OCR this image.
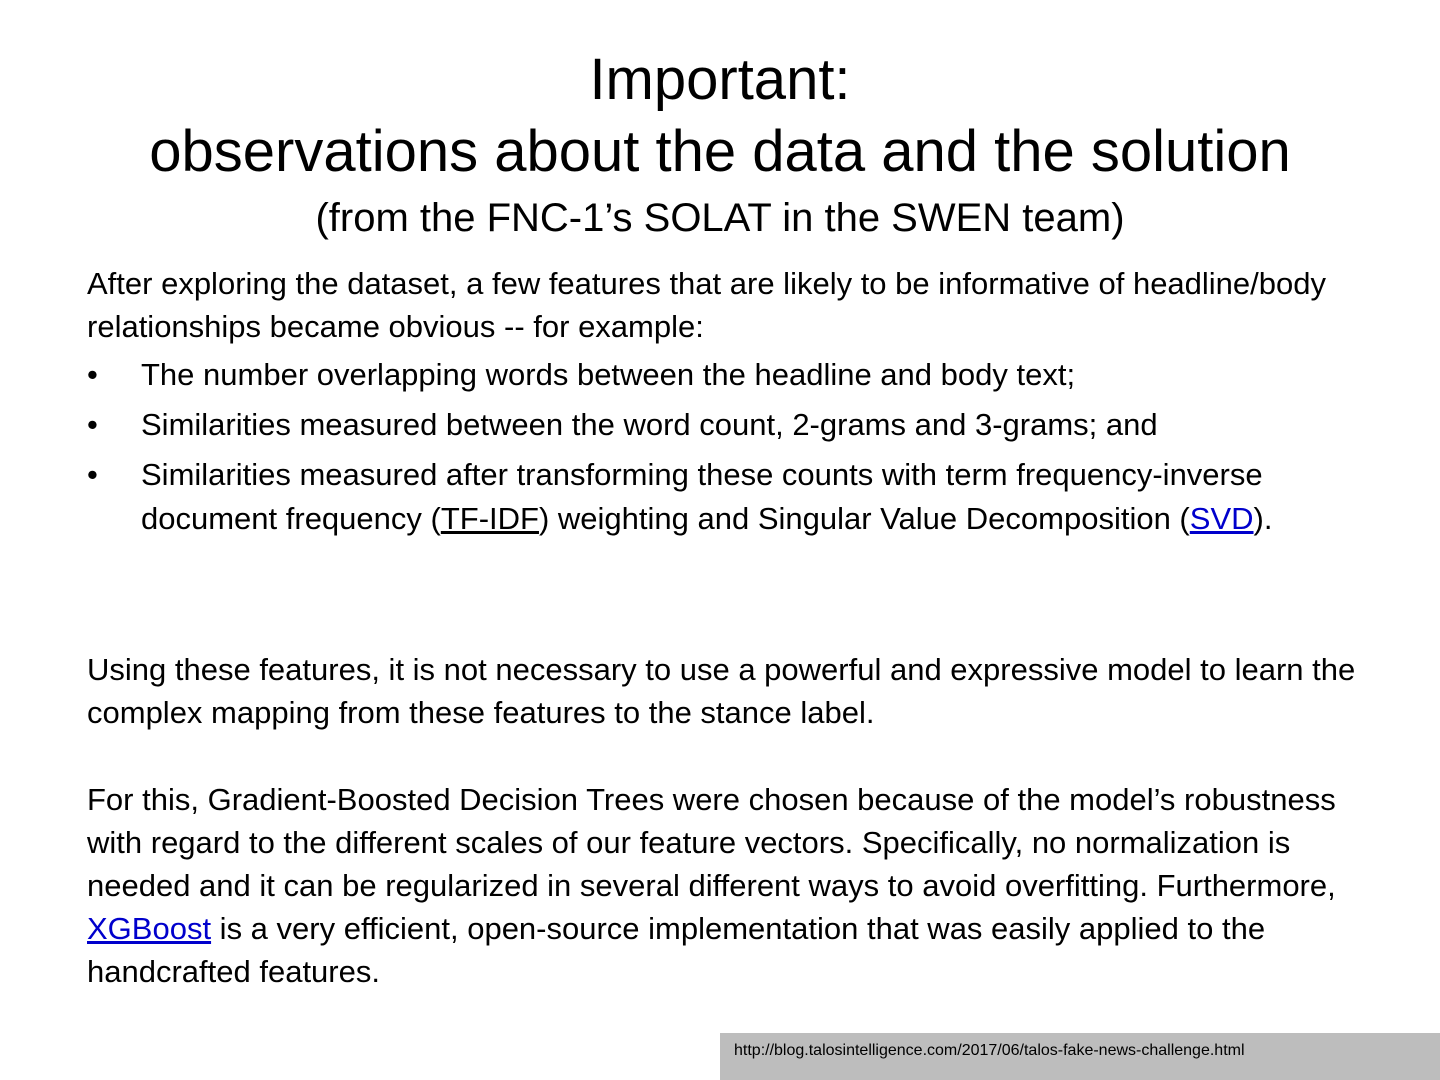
Important:
observations about the data and the solution
(from the FNC-1’s SOLAT in the SWEN team)

After exploring the dataset, a few features that are likely to be informative of headline/body relationships became obvious -- for example:

• The number overlapping words between the headline and body text;
• Similarities measured between the word count, 2-grams and 3-grams; and
• Similarities measured after transforming these counts with term frequency-inverse document frequency (TF-IDF) weighting and Singular Value Decomposition (SVD).

Using these features, it is not necessary to use a powerful and expressive model to learn the complex mapping from these features to the stance label.

For this, Gradient-Boosted Decision Trees were chosen because of the model’s robustness with regard to the different scales of our feature vectors. Specifically, no normalization is needed and it can be regularized in several different ways to avoid overfitting. Furthermore, XGBoost is a very efficient, open-source implementation that was easily applied to the handcrafted features.

http://blog.talosintelligence.com/2017/06/talos-fake-news-challenge.html
